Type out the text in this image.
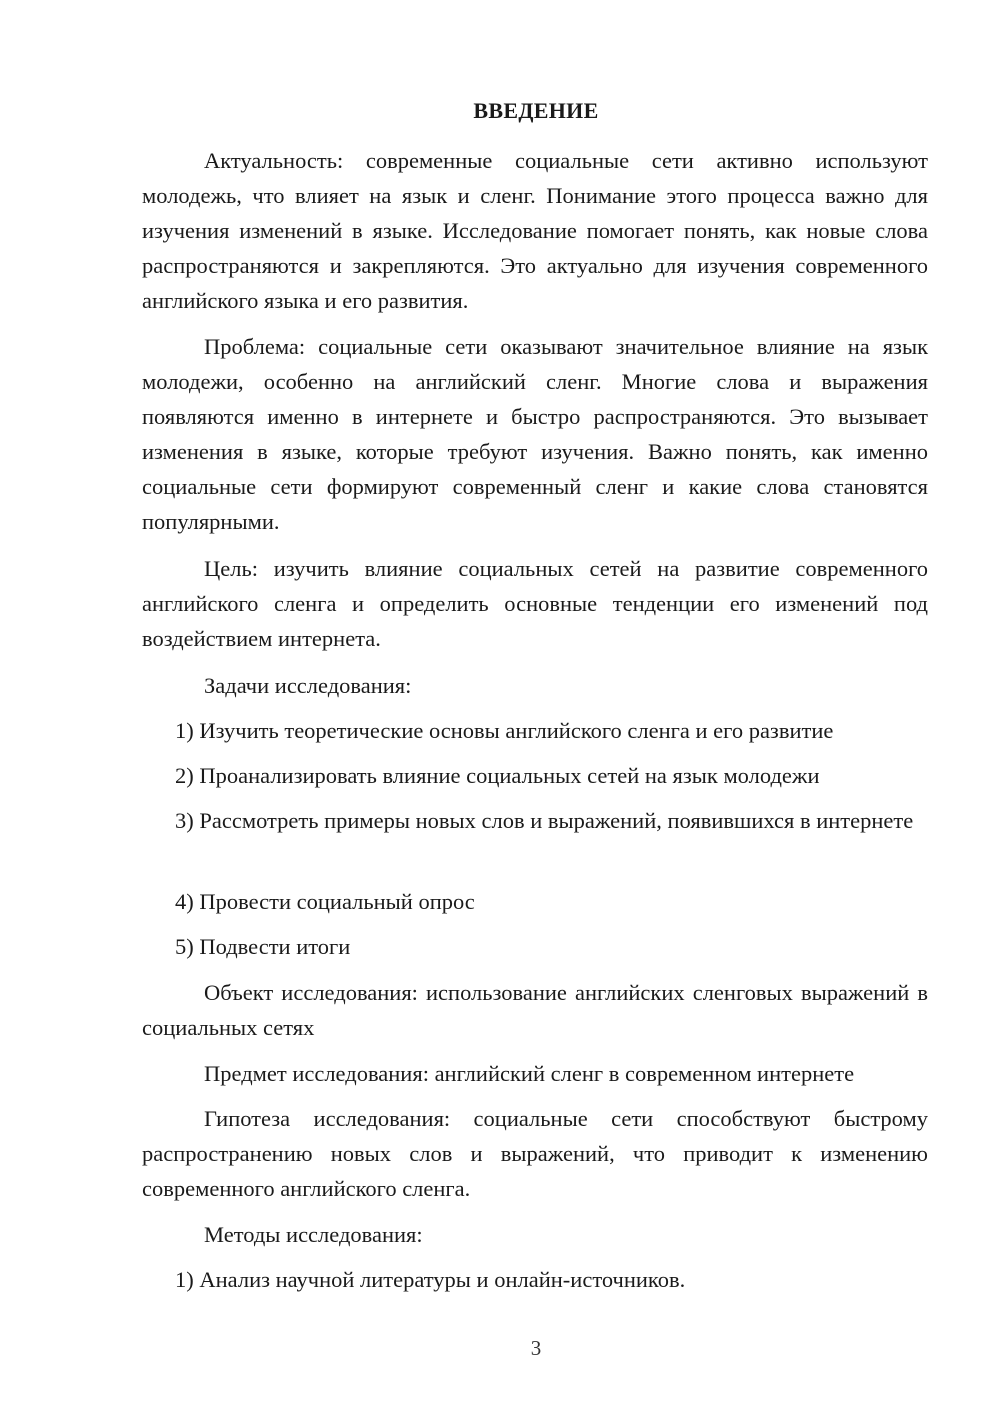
ВВЕДЕНИЕ

Актуальность: современные социальные сети активно используют молодежь, что влияет на язык и сленг. Понимание этого процесса важно для изучения изменений в языке. Исследование помогает понять, как новые слова распространяются и закрепляются. Это актуально для изучения современного английского языка и его развития.

Проблема: социальные сети оказывают значительное влияние на язык молодежи, особенно на английский сленг. Многие слова и выражения появляются именно в интернете и быстро распространяются. Это вызывает изменения в языке, которые требуют изучения. Важно понять, как именно социальные сети формируют современный сленг и какие слова становятся популярными.

Цель: изучить влияние социальных сетей на развитие современного английского сленга и определить основные тенденции его изменений под воздействием интернета.

Задачи исследования:

1) Изучить теоретические основы английского сленга и его развитие

2) Проанализировать влияние социальных сетей на язык молодежи

3) Рассмотреть примеры новых слов и выражений, появившихся в интернете

4) Провести социальный опрос

5) Подвести итоги

Объект исследования: использование английских сленговых выражений в социальных сетях

Предмет исследования: английский сленг в современном интернете

Гипотеза исследования: социальные сети способствуют быстрому распространению новых слов и выражений, что приводит к изменению современного английского сленга.

Методы исследования:

1) Анализ научной литературы и онлайн-источников.

3
